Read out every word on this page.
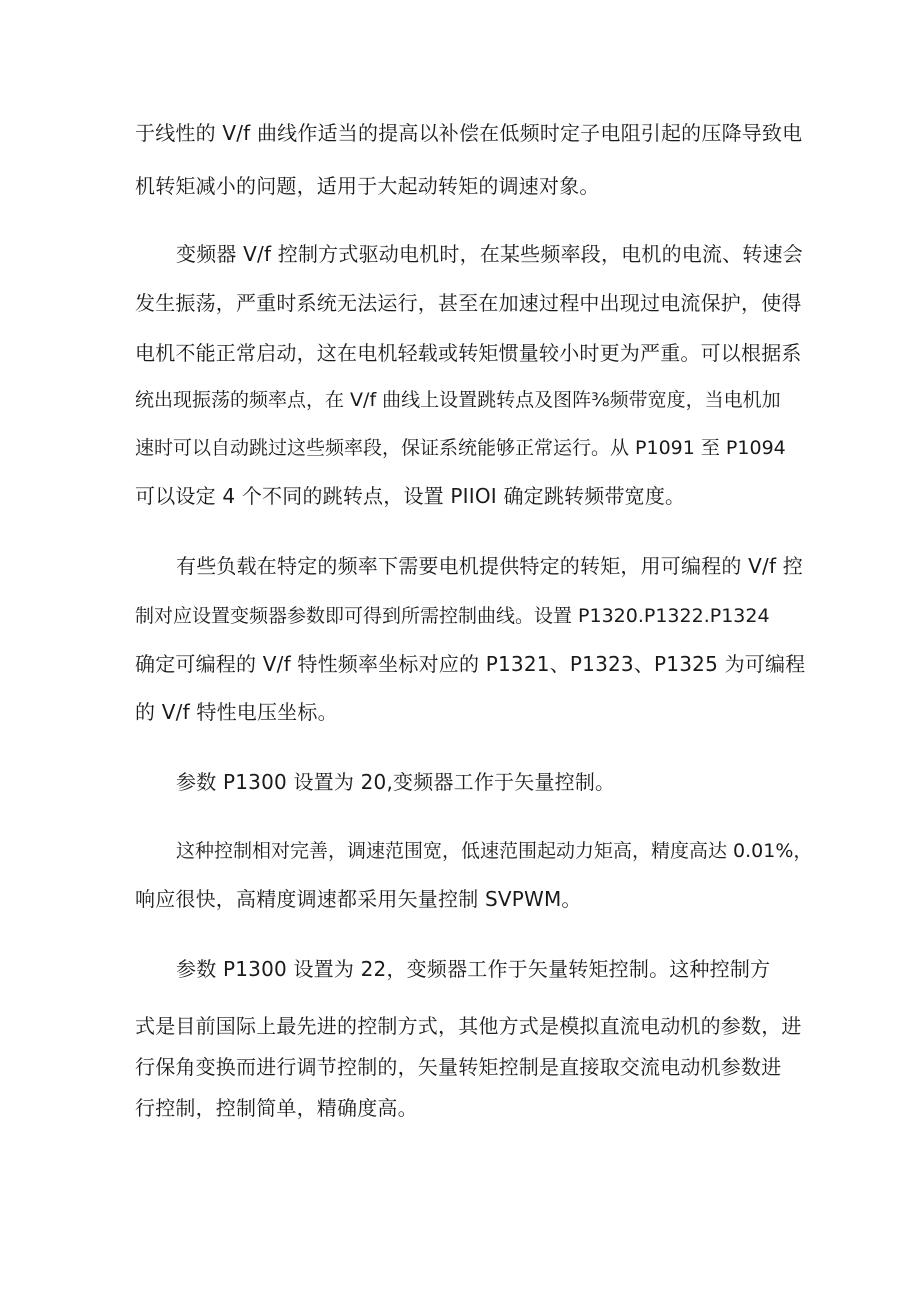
于线性的 V/f 曲线作适当的提高以补偿在低频时定子电阻引起的压降导致电
机转矩减小的问题，适用于大起动转矩的调速对象。
变频器 V/f 控制方式驱动电机时，在某些频率段，电机的电流、转速会
发生振荡，严重时系统无法运行，甚至在加速过程中出现过电流保护，使得
电机不能正常启动，这在电机轻载或转矩惯量较小时更为严重。可以根据系
统出现振荡的频率点，在 V/f 曲线上设置跳转点及图阵⅜频带宽度，当电机加
速时可以自动跳过这些频率段，保证系统能够正常运行。从 P1091 至 P1094
可以设定 4 个不同的跳转点，设置 PIIOI 确定跳转频带宽度。
有些负载在特定的频率下需要电机提供特定的转矩，用可编程的 V/f 控
制对应设置变频器参数即可得到所需控制曲线。设置 P1320.P1322.P1324
确定可编程的 V/f 特性频率坐标对应的 P1321、P1323、P1325 为可编程
的 V/f 特性电压坐标。
参数 P1300 设置为 20,变频器工作于矢量控制。
这种控制相对完善，调速范围宽，低速范围起动力矩高，精度高达 0.01%，
响应很快，高精度调速都采用矢量控制 SVPWM。
参数 P1300 设置为 22，变频器工作于矢量转矩控制。这种控制方
式是目前国际上最先进的控制方式，其他方式是模拟直流电动机的参数，进
行保角变换而进行调节控制的，矢量转矩控制是直接取交流电动机参数进
行控制，控制简单，精确度高。
